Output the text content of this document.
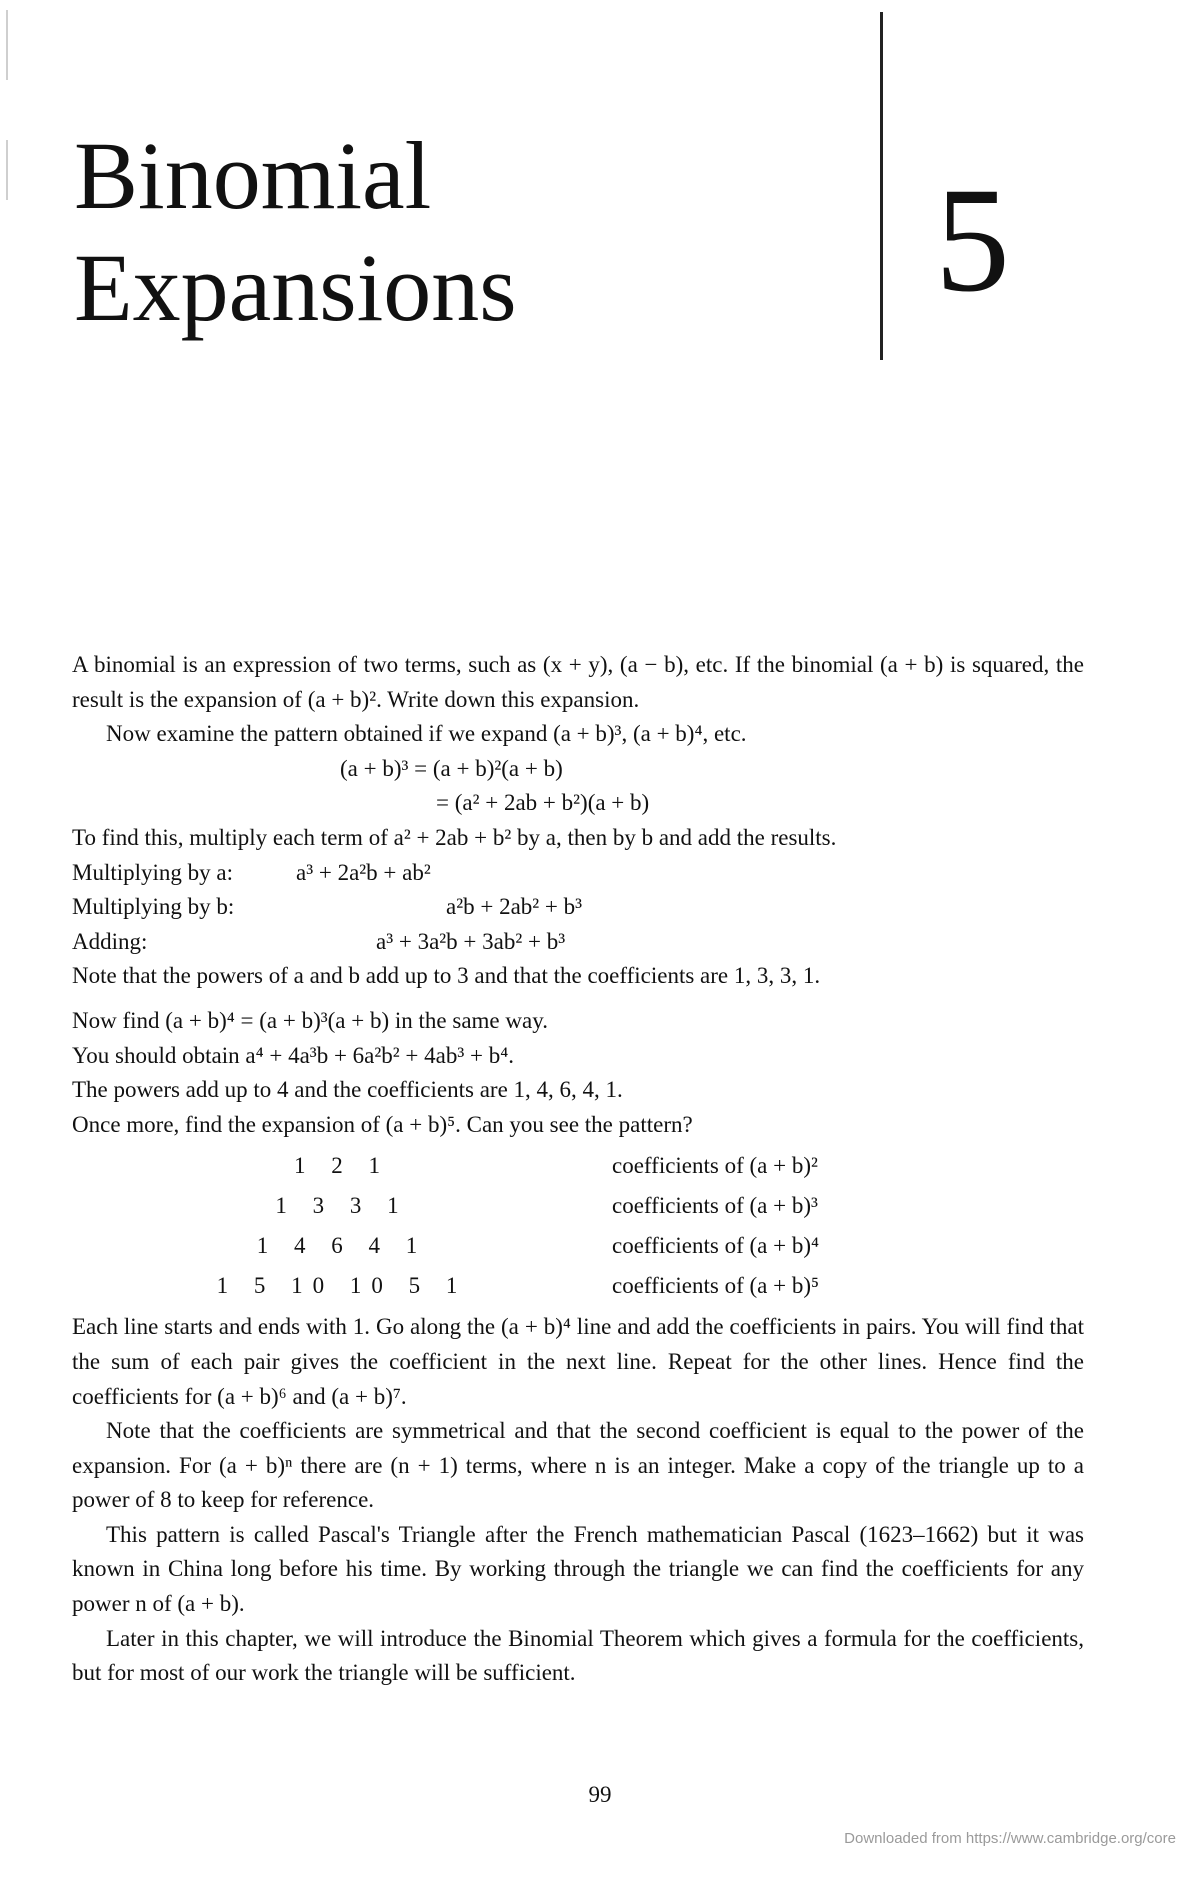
Binomial
Expansions	5

A binomial is an expression of two terms, such as (x + y), (a − b), etc. If the binomial (a + b) is squared, the result is the expansion of (a + b)². Write down this expansion.

Now examine the pattern obtained if we expand (a + b)³, (a + b)⁴, etc.

(a + b)³ = (a + b)²(a + b)

= (a² + 2ab + b²)(a + b)

To find this, multiply each term of a² + 2ab + b² by a, then by b and add the results.

Multiplying by a:	a³ + 2a²b + ab²
Multiplying by b:	a²b + 2ab² + b³
Adding:	a³ + 3a²b + 3ab² + b³

Note that the powers of a and b add up to 3 and that the coefficients are 1, 3, 3, 1.

Now find (a + b)⁴ = (a + b)³(a + b) in the same way.

You should obtain a⁴ + 4a³b + 6a²b² + 4ab³ + b⁴.

The powers add up to 4 and the coefficients are 1, 4, 6, 4, 1.

Once more, find the expansion of (a + b)⁵. Can you see the pattern?

1 2 1	coefficients of (a + b)²
1 3 3 1	coefficients of (a + b)³
1 4 6 4 1	coefficients of (a + b)⁴
1 5 10 10 5 1	coefficients of (a + b)⁵

Each line starts and ends with 1. Go along the (a + b)⁴ line and add the coefficients in pairs. You will find that the sum of each pair gives the coefficient in the next line. Repeat for the other lines. Hence find the coefficients for (a + b)⁶ and (a + b)⁷.

Note that the coefficients are symmetrical and that the second coefficient is equal to the power of the expansion. For (a + b)ⁿ there are (n + 1) terms, where n is an integer. Make a copy of the triangle up to a power of 8 to keep for reference.

This pattern is called Pascal's Triangle after the French mathematician Pascal (1623–1662) but it was known in China long before his time. By working through the triangle we can find the coefficients for any power n of (a + b).

Later in this chapter, we will introduce the Binomial Theorem which gives a formula for the coefficients, but for most of our work the triangle will be sufficient.

99
Downloaded from https://www.cambridge.org/core
